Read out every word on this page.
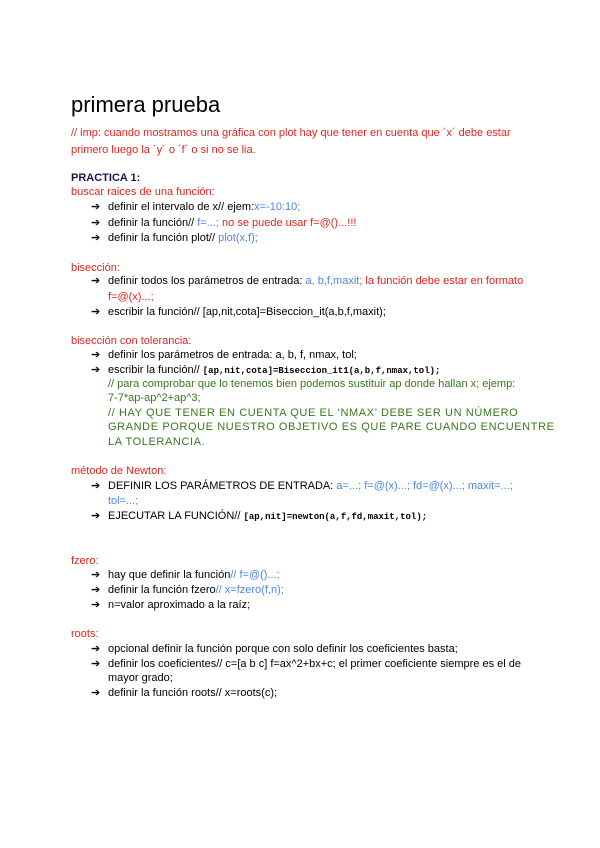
primera prueba
// imp: cuando mostramos una gráfica con plot hay que tener en cuenta que ´x´ debe estar
primero luego la ´y´ o ´f´ o si no se lia.
PRACTICA 1:
buscar raices de una función:
➔ definir el intervalo de x// ejem:x=-10:10;
➔ definir la función// f=...; no se puede usar f=@()...!!!
➔ definir la función plot// plot(x,f);
bisección:
➔ definir todos los parámetros de entrada: a, b,f,maxit; la función debe estar en formato
f=@(x)...;
➔ escribir la función// [ap,nit,cota]=Biseccion_it(a,b,f,maxit);
bisección con tolerancia:
➔ definir los parámetros de entrada: a, b, f, nmax, tol;
➔ escribir la función// [ap,nit,cota]=Biseccion_it1(a,b,f,nmax,tol);
// para comprobar que lo tenemos bien podemos sustituir ap donde hallan x; ejemp:
7-7*ap-ap^2+ap^3;
// HAY QUE TENER EN CUENTA QUE EL ‘NMAX’ DEBE SER UN NÚMERO
GRANDE PORQUE NUESTRO OBJETIVO ES QUE PARE CUANDO ENCUENTRE
LA TOLERANCIA.
método de Newton:
➔ DEFINIR LOS PARÁMETROS DE ENTRADA: a=...; f=@(x)...; fd=@(x)...; maxit=...;
tol=...;
➔ EJECUTAR LA FUNCIÓN// [ap,nit]=newton(a,f,fd,maxit,tol);
fzero:
➔ hay que definir la función// f=@()...;
➔ definir la función fzero// x=fzero(f,n);
➔ n=valor aproximado a la raíz;
roots:
➔ opcional definir la función porque con solo definir los coeficientes basta;
➔ definir los coeficientes// c=[a b c] f=ax^2+bx+c; el primer coeficiente siempre es el de
mayor grado;
➔ definir la función roots// x=roots(c);
